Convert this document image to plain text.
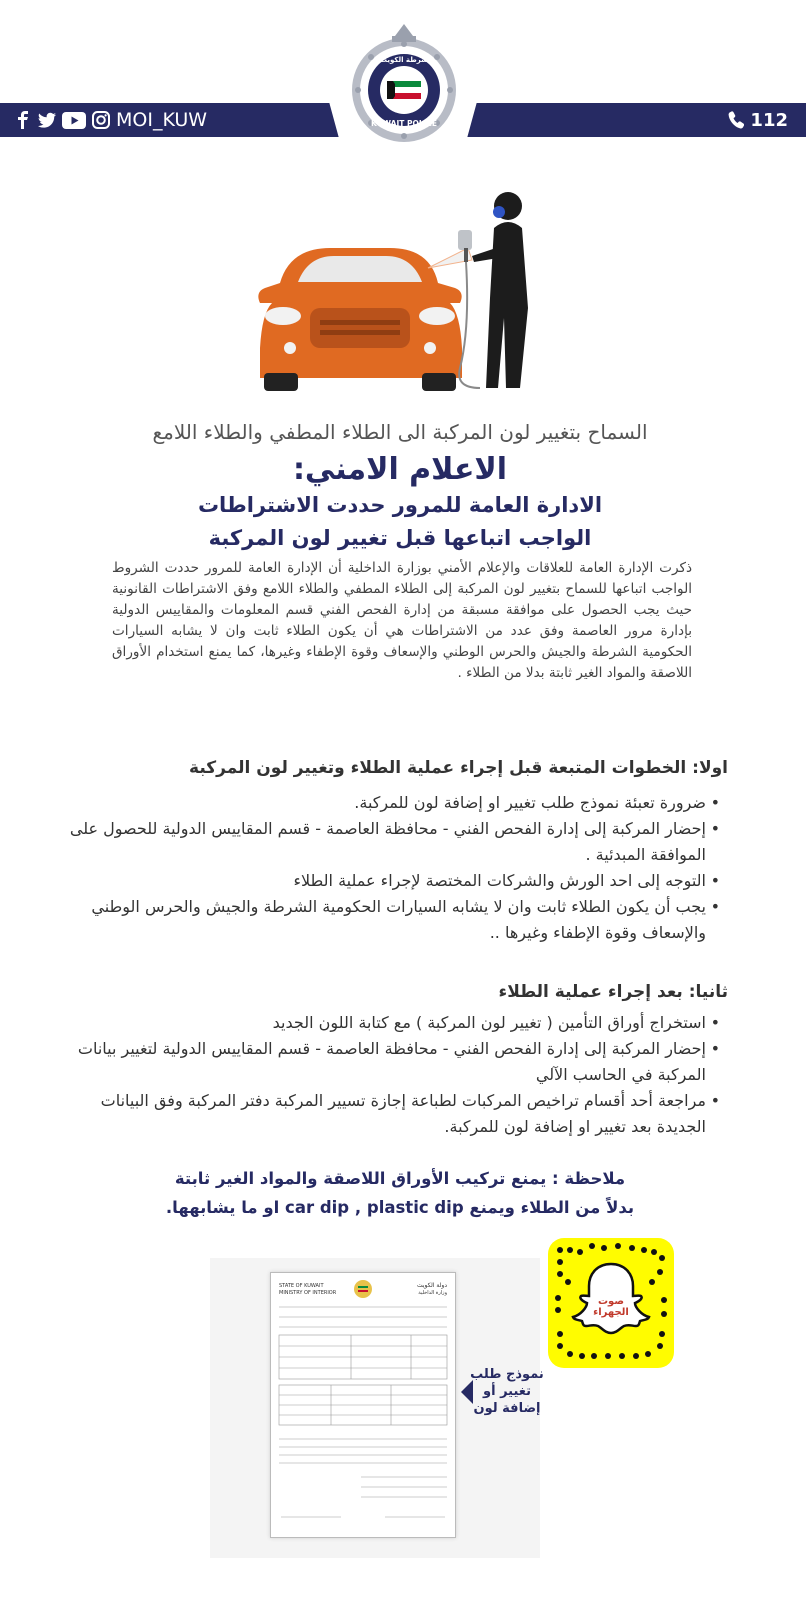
MOI_KUW	112
KUWAIT POLICE
شرطة الكويت
السماح بتغيير لون المركبة الى الطلاء المطفي والطلاء اللامع
الاعلام الامني:
الادارة العامة للمرور حددت الاشتراطات
الواجب اتباعها قبل تغيير لون المركبة
ذكرت الإدارة العامة للعلاقات والإعلام الأمني بوزارة الداخلية أن الإدارة العامة للمرور حددت الشروط الواجب اتباعها للسماح بتغيير لون المركبة إلى الطلاء المطفي والطلاء اللامع وفق الاشتراطات القانونية حيث يجب الحصول على موافقة مسبقة من إدارة الفحص الفني قسم المعلومات والمقاييس الدولية بإدارة مرور العاصمة وفق عدد من الاشتراطات هي أن يكون الطلاء ثابت وان لا يشابه السيارات الحكومية الشرطة والجيش والحرس الوطني والإسعاف وقوة الإطفاء وغيرها، كما يمنع استخدام الأوراق اللاصقة والمواد الغير ثابتة بدلا من الطلاء .
اولا: الخطوات المتبعة قبل إجراء عملية الطلاء وتغيير لون المركبة
• ضرورة تعبئة نموذج طلب تغيير او إضافة لون للمركبة.
• إحضار المركبة إلى إدارة الفحص الفني - محافظة العاصمة - قسم المقاييس الدولية للحصول على الموافقة المبدئية .
• التوجه إلى احد الورش والشركات المختصة لإجراء عملية الطلاء
• يجب أن يكون الطلاء ثابت وان لا يشابه السيارات الحكومية الشرطة والجيش والحرس الوطني والإسعاف وقوة الإطفاء وغيرها ..
ثانيا: بعد إجراء عملية الطلاء
• استخراج أوراق التأمين ( تغيير لون المركبة ) مع كتابة اللون الجديد
• إحضار المركبة إلى إدارة الفحص الفني - محافظة العاصمة - قسم المقاييس الدولية لتغيير بيانات المركبة في الحاسب الآلي
• مراجعة أحد أقسام تراخيص المركبات لطباعة إجازة تسيير المركبة دفتر المركبة وفق البيانات الجديدة بعد تغيير او إضافة لون للمركبة.
ملاحظة : يمنع تركيب الأوراق اللاصقة والمواد الغير ثابتة
بدلاً من الطلاء ويمنع car dip , plastic dip او ما يشابهها.
STATE OF KUWAIT
MINISTRY OF INTERIOR
دولة الكويت
وزارة الداخلية
نموذج طلب تغيير أو إضافة لون
صوت الجهراء
